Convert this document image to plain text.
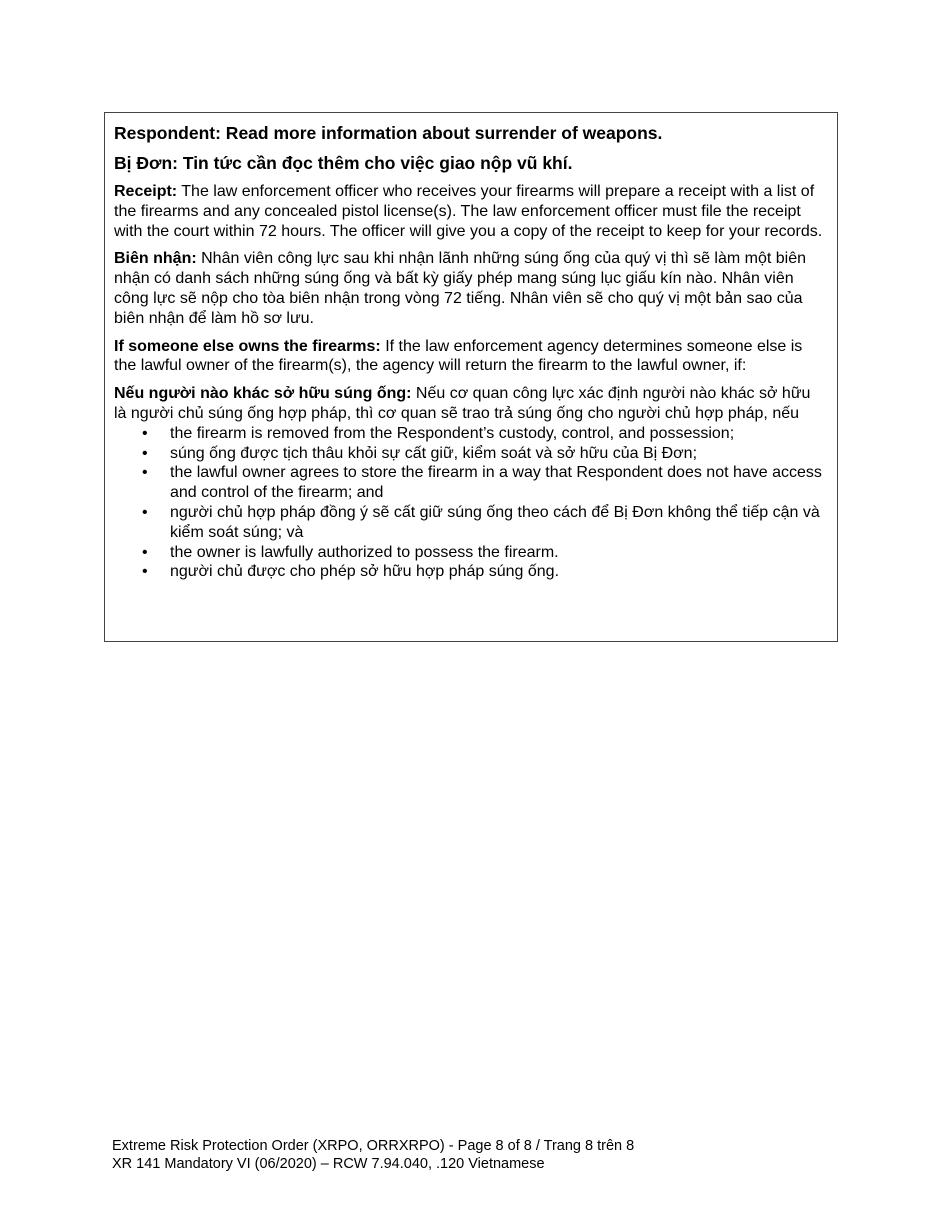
Respondent: Read more information about surrender of weapons.
Bị Đơn: Tin tức cần đọc thêm cho việc giao nộp vũ khí.

Receipt: The law enforcement officer who receives your firearms will prepare a receipt with a list of the firearms and any concealed pistol license(s). The law enforcement officer must file the receipt with the court within 72 hours. The officer will give you a copy of the receipt to keep for your records.

Biên nhận: Nhân viên công lực sau khi nhận lãnh những súng ống của quý vị thì sẽ làm một biên nhận có danh sách những súng ống và bất kỳ giấy phép mang súng lục giấu kín nào. Nhân viên công lực sẽ nộp cho tòa biên nhận trong vòng 72 tiếng. Nhân viên sẽ cho quý vị một bản sao của biên nhận để làm hồ sơ lưu.

If someone else owns the firearms: If the law enforcement agency determines someone else is the lawful owner of the firearm(s), the agency will return the firearm to the lawful owner, if:

Nếu người nào khác sở hữu súng ống: Nếu cơ quan công lực xác định người nào khác sở hữu là người chủ súng ống hợp pháp, thì cơ quan sẽ trao trả súng ống cho người chủ hợp pháp, nếu

• the firearm is removed from the Respondent’s custody, control, and possession;
• súng ống được tịch thâu khỏi sự cất giữ, kiểm soát và sở hữu của Bị Đơn;
• the lawful owner agrees to store the firearm in a way that Respondent does not have access and control of the firearm; and
• người chủ hợp pháp đồng ý sẽ cất giữ súng ống theo cách để Bị Đơn không thể tiếp cận và kiểm soát súng; và
• the owner is lawfully authorized to possess the firearm.
• người chủ được cho phép sở hữu hợp pháp súng ống.
Extreme Risk Protection Order (XRPO, ORRXRPO) - Page 8 of 8 / Trang 8 trên 8
XR 141 Mandatory VI (06/2020) – RCW 7.94.040, .120 Vietnamese
